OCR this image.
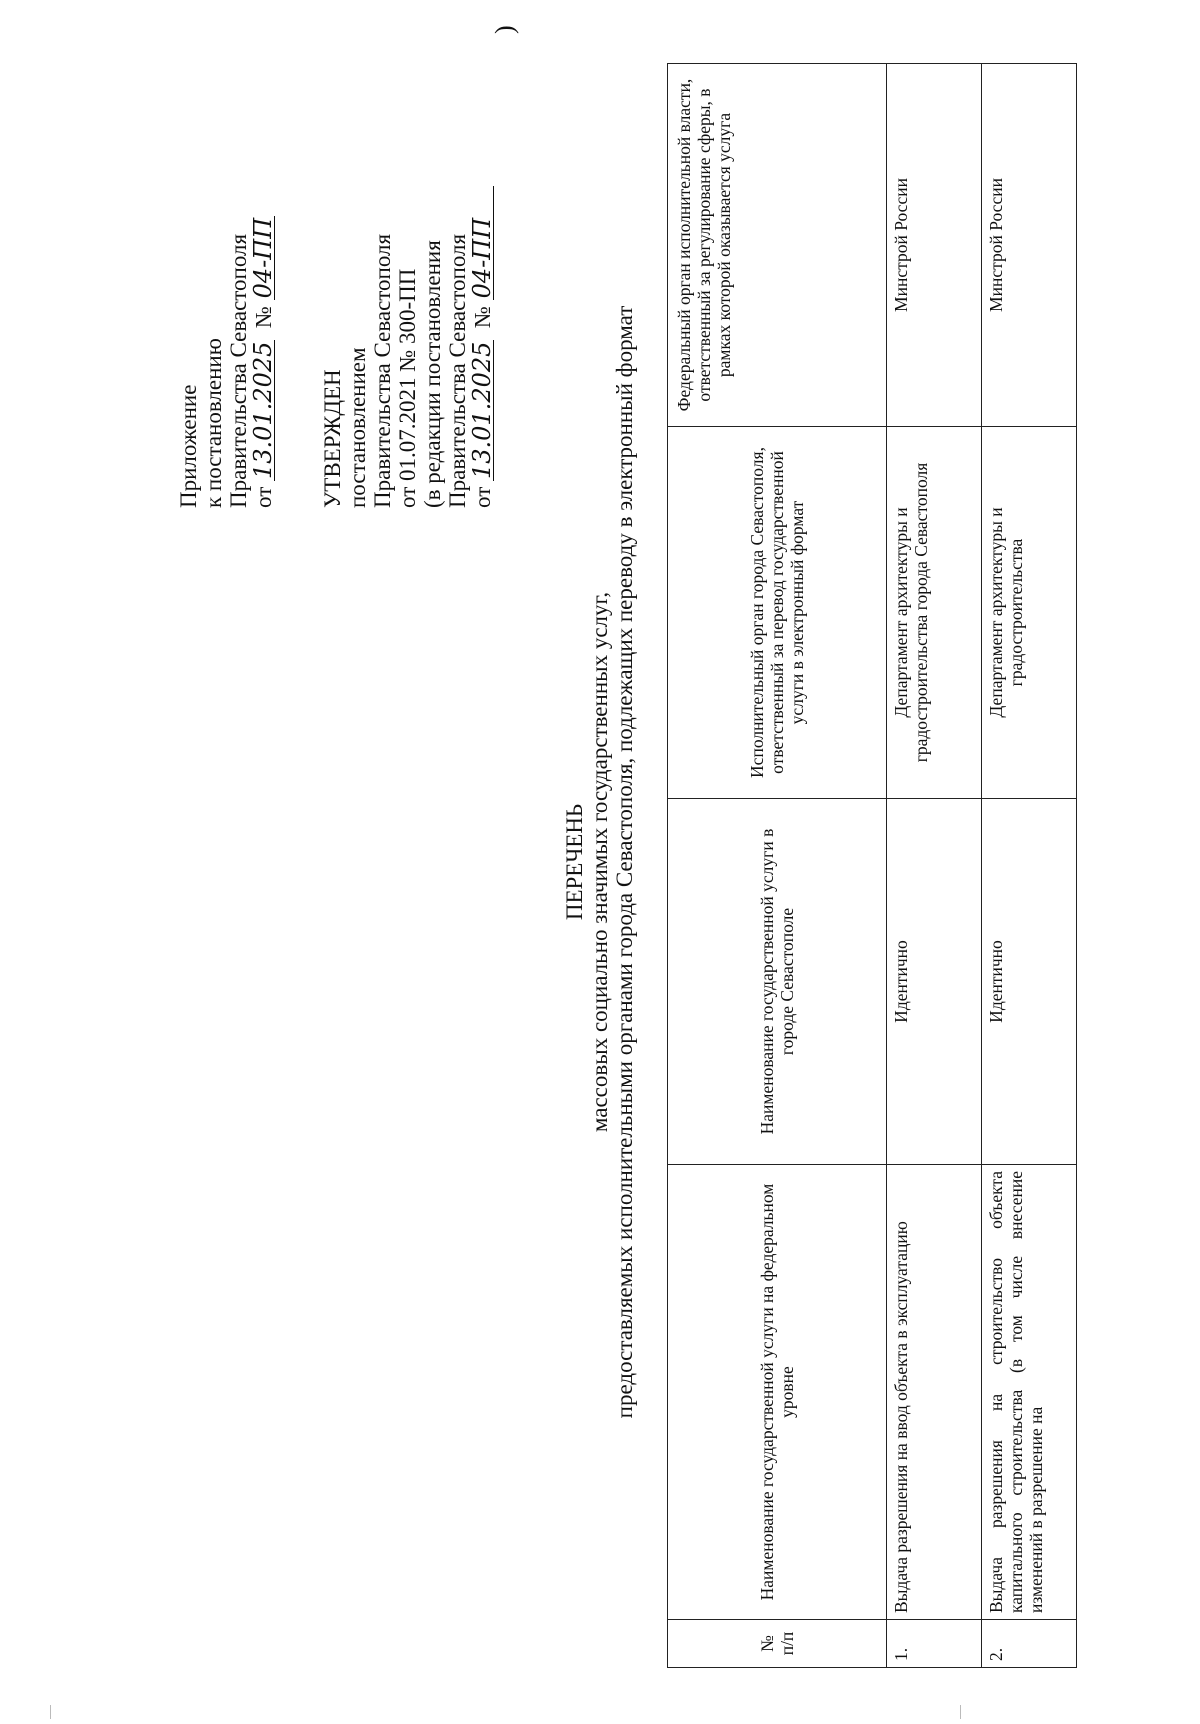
Приложение к постановлению Правительства Севастополя от 13.01.2025  № 04-ПП
УТВЕРЖДЕН постановлением Правительства Севастополя от 01.07.2021 № 300-ПП (в редакции постановления Правительства Севастополя от 13.01.2025  № 04-ПП
)
ПЕРЕЧЕНЬ массовых социально значимых государственных услуг, предоставляемых исполнительными органами города Севастополя, подлежащих переводу в электронный формат
№ п/п	Наименование государственной услуги на федеральном уровне	Наименование государственной услуги в городе Севастополе	Исполнительный орган города Севастополя, ответственный за перевод государственной услуги в электронный формат	Федеральный орган исполнительной власти, ответственный за регулирование сферы, в рамках которой оказывается услуга
1.	Выдача разрешения на ввод объекта в эксплуатацию	Идентично	Департамент архитектуры и градостроительства города Севастополя	Минстрой России
2.	Выдача разрешения на строительство объекта капитального строительства (в том числе внесение изменений в разрешение на	Идентично	Департамент архитектуры и градостроительства	Минстрой России
